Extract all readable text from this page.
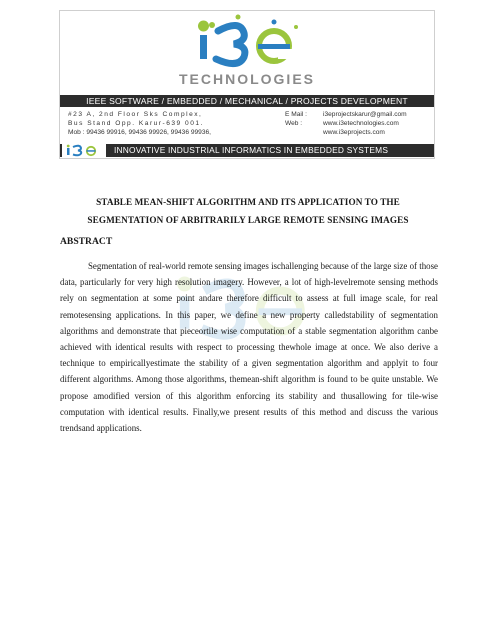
TECHNOLOGIES
IEEE SOFTWARE / EMBEDDED / MECHANICAL / PROJECTS DEVELOPMENT
#23 A, 2nd Floor Sks Complex,
Bus Stand Opp. Karur-639 001.
Mob : 99436 99916, 99436 99926, 99436 99936,
E Mail :	i3eprojectskarur@gmail.com
Web :	www.i3etechnologies.com
www.i3eprojects.com
INNOVATIVE INDUSTRIAL INFORMATICS IN EMBEDDED SYSTEMS
STABLE MEAN-SHIFT ALGORITHM AND ITS APPLICATION TO THE
SEGMENTATION OF ARBITRARILY LARGE REMOTE SENSING IMAGES
ABSTRACT

Segmentation of real-world remote sensing images ischallenging because of the large size of those data, particularly for very high resolution imagery. However, a lot of high-levelremote sensing methods rely on segmentation at some point andare therefore difficult to assess at full image scale, for real remotesensing applications. In this paper, we define a new property calledstability of segmentation algorithms and demonstrate that pieceortile wise computation of a stable segmentation algorithm canbe achieved with identical results with respect to processing thewhole image at once. We also derive a technique to empiricallyestimate the stability of a given segmentation algorithm and applyit to four different algorithms. Among those algorithms, themean-shift algorithm is found to be quite unstable. We propose amodified version of this algorithm enforcing its stability and thusallowing for tile-wise computation with identical results. Finally,we present results of this method and discuss the various trendsand applications.
